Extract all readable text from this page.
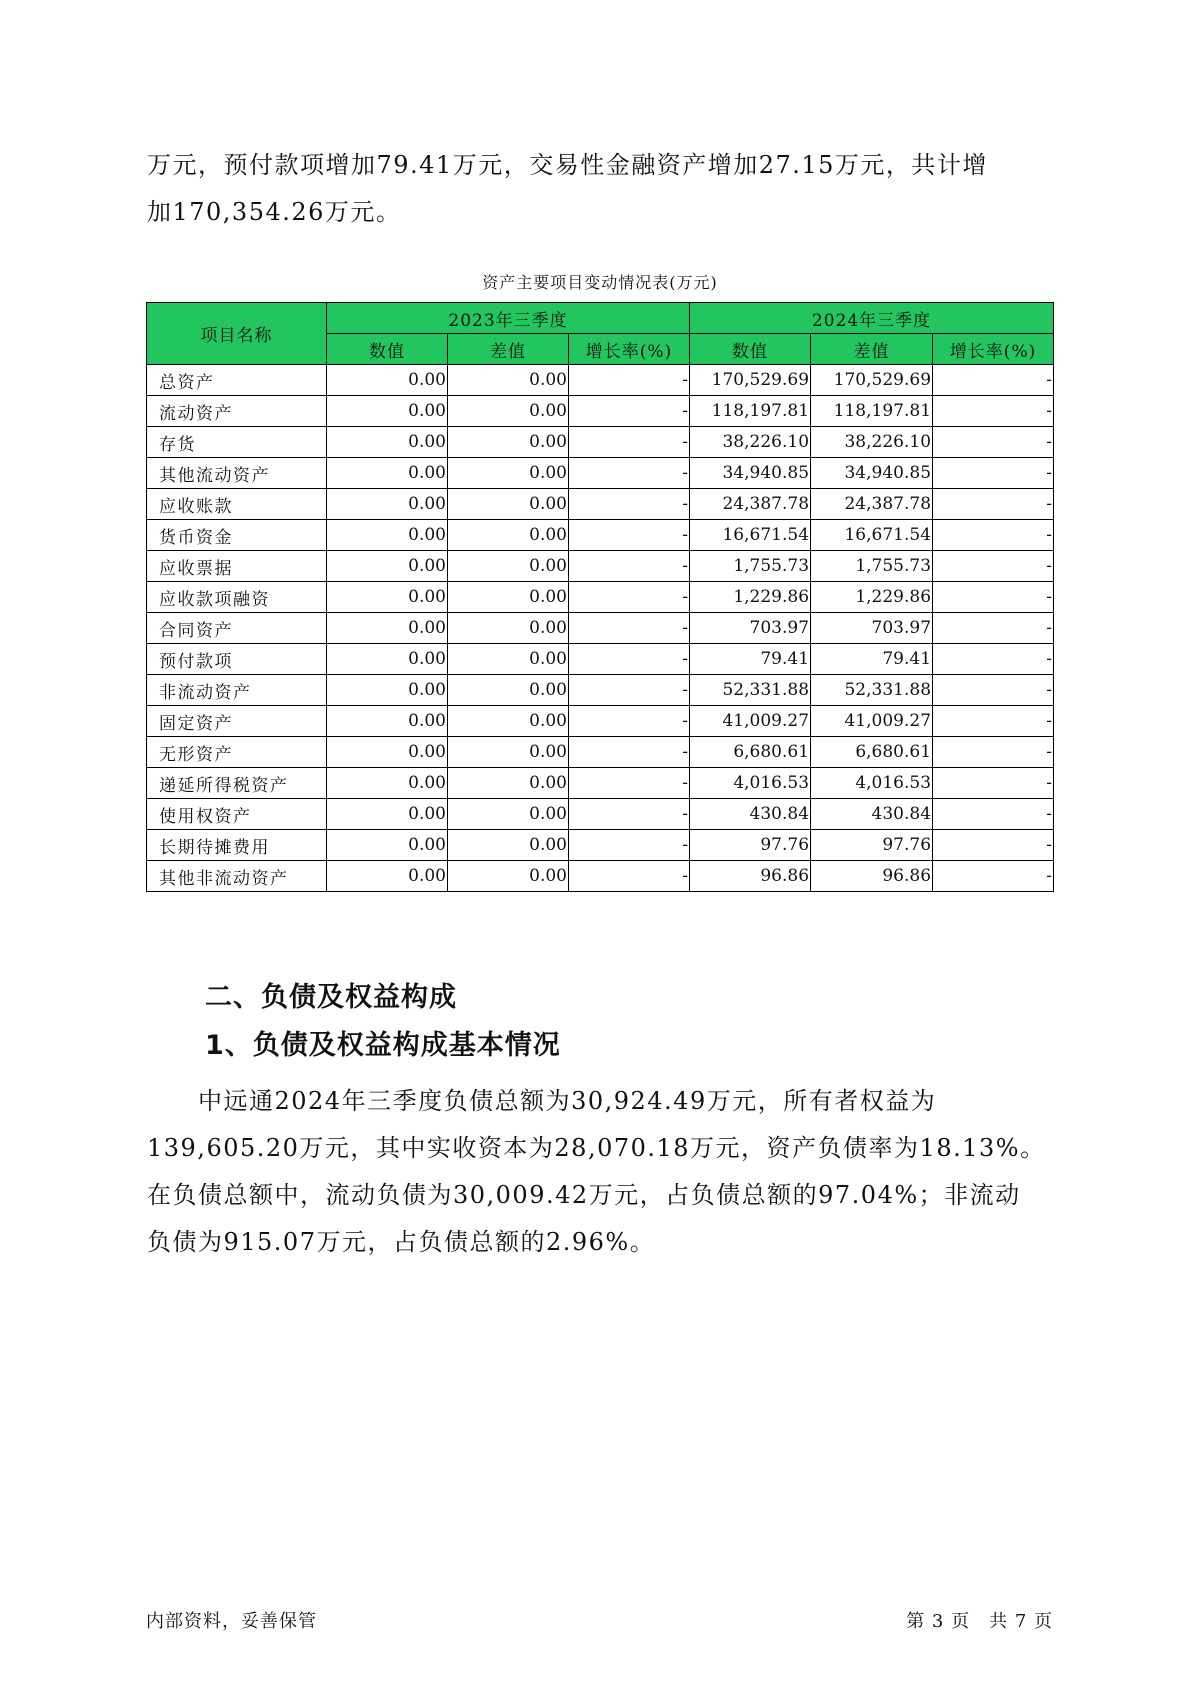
万元，预付款项增加79.41万元，交易性金融资产增加27.15万元，共计增
加170,354.26万元。
资产主要项目变动情况表(万元)
项目名称	2023年三季度			2024年三季度		
	数值	差值	增长率(%)	数值	差值	增长率(%)
总资产	0.00	0.00	-	170,529.69	170,529.69	-
流动资产	0.00	0.00	-	118,197.81	118,197.81	-
存货	0.00	0.00	-	38,226.10	38,226.10	-
其他流动资产	0.00	0.00	-	34,940.85	34,940.85	-
应收账款	0.00	0.00	-	24,387.78	24,387.78	-
货币资金	0.00	0.00	-	16,671.54	16,671.54	-
应收票据	0.00	0.00	-	1,755.73	1,755.73	-
应收款项融资	0.00	0.00	-	1,229.86	1,229.86	-
合同资产	0.00	0.00	-	703.97	703.97	-
预付款项	0.00	0.00	-	79.41	79.41	-
非流动资产	0.00	0.00	-	52,331.88	52,331.88	-
固定资产	0.00	0.00	-	41,009.27	41,009.27	-
无形资产	0.00	0.00	-	6,680.61	6,680.61	-
递延所得税资产	0.00	0.00	-	4,016.53	4,016.53	-
使用权资产	0.00	0.00	-	430.84	430.84	-
长期待摊费用	0.00	0.00	-	97.76	97.76	-
其他非流动资产	0.00	0.00	-	96.86	96.86	-
二、负债及权益构成
1、负债及权益构成基本情况
　　中远通2024年三季度负债总额为30,924.49万元，所有者权益为
139,605.20万元，其中实收资本为28,070.18万元，资产负债率为18.13%。
在负债总额中，流动负债为30,009.42万元，占负债总额的97.04%；非流动
负债为915.07万元，占负债总额的2.96%。
内部资料，妥善保管	第 3 页　共 7 页
